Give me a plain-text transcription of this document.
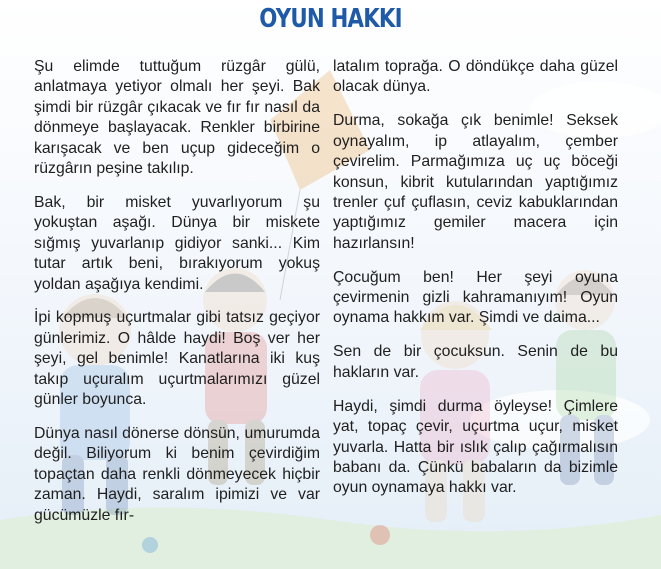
OYUN HAKKI

Şu elimde tuttuğum rüzgâr gülü, anlatmaya yetiyor olmalı her şeyi. Bak şimdi bir rüzgâr çıkacak ve fır fır nasıl da dönmeye başlayacak. Renkler birbirine karışacak ve ben uçup gideceğim o rüzgârın peşine takılıp.

Bak, bir misket yuvarlıyorum şu yokuştan aşağı. Dünya bir miskete sığmış yuvarlanıp gidiyor sanki... Kim tutar artık beni, bırakıyorum yokuş yoldan aşağıya kendimi.

İpi kopmuş uçurtmalar gibi tatsız geçiyor günlerimiz. O hâlde haydi! Boş ver her şeyi, gel benimle! Kanatlarına iki kuş takıp uçuralım uçurtmalarımızı güzel günler boyunca.

Dünya nasıl dönerse dönsün, umurumda değil. Biliyorum ki benim çevirdiğim topaçtan daha renkli dönmeyecek hiçbir zaman. Haydi, saralım ipimizi ve var gücümüzle fır-

latalım toprağa. O döndükçe daha güzel olacak dünya.

Durma, sokağa çık benimle! Seksek oynayalım, ip atlayalım, çember çevirelim. Parmağımıza uç uç böceği konsun, kibrit kutularından yaptığımız trenler çuf çuflasın, ceviz kabuklarından yaptığımız gemiler macera için hazırlansın!

Çocuğum ben! Her şeyi oyuna çevirmenin gizli kahramanıyım! Oyun oynama hakkım var. Şimdi ve daima...

Sen de bir çocuksun. Senin de bu hakların var.

Haydi, şimdi durma öyleyse! Çimlere yat, topaç çevir, uçurtma uçur, misket yuvarla. Hatta bir ıslık çalıp çağırmalısın babanı da. Çünkü babaların da bizimle oyun oynamaya hakkı var.
